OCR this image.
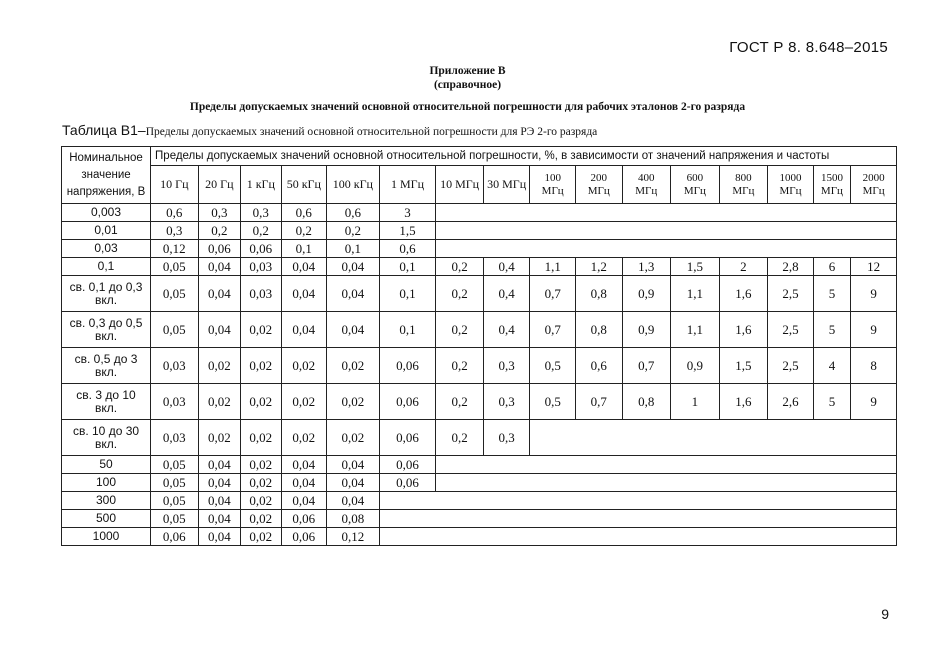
ГОСТ Р 8. 8.648–2015
Приложение В
(справочное)
Пределы допускаемых значений основной относительной погрешности для рабочих эталонов 2-го разряда
Таблица В1–Пределы допускаемых значений основной относительной погрешности для РЭ 2-го разряда
Номинальное значение напряжения, В	Пределы допускаемых значений основной относительной погрешности, %, в зависимости от значений напряжения и частоты															
	10 Гц	20 Гц	1 кГц	50 кГц	100 кГц	1 МГц	10 МГц	30 МГц	100 МГц	200 МГц	400 МГц	600 МГц	800 МГц	1000 МГц	1500 МГц	2000 МГц
0,003	0,6	0,3	0,3	0,6	0,6	3										
0,01	0,3	0,2	0,2	0,2	0,2	1,5										
0,03	0,12	0,06	0,06	0,1	0,1	0,6										
0,1	0,05	0,04	0,03	0,04	0,04	0,1	0,2	0,4	1,1	1,2	1,3	1,5	2	2,8	6	12
св. 0,1 до 0,3 вкл.	0,05	0,04	0,03	0,04	0,04	0,1	0,2	0,4	0,7	0,8	0,9	1,1	1,6	2,5	5	9
св. 0,3 до 0,5 вкл.	0,05	0,04	0,02	0,04	0,04	0,1	0,2	0,4	0,7	0,8	0,9	1,1	1,6	2,5	5	9
св. 0,5 до 3 вкл.	0,03	0,02	0,02	0,02	0,02	0,06	0,2	0,3	0,5	0,6	0,7	0,9	1,5	2,5	4	8
св. 3 до 10 вкл.	0,03	0,02	0,02	0,02	0,02	0,06	0,2	0,3	0,5	0,7	0,8	1	1,6	2,6	5	9
св. 10 до 30 вкл.	0,03	0,02	0,02	0,02	0,02	0,06	0,2	0,3								
50	0,05	0,04	0,02	0,04	0,04	0,06										
100	0,05	0,04	0,02	0,04	0,04	0,06										
300	0,05	0,04	0,02	0,04	0,04											
500	0,05	0,04	0,02	0,06	0,08											
1000	0,06	0,04	0,02	0,06	0,12											
9
